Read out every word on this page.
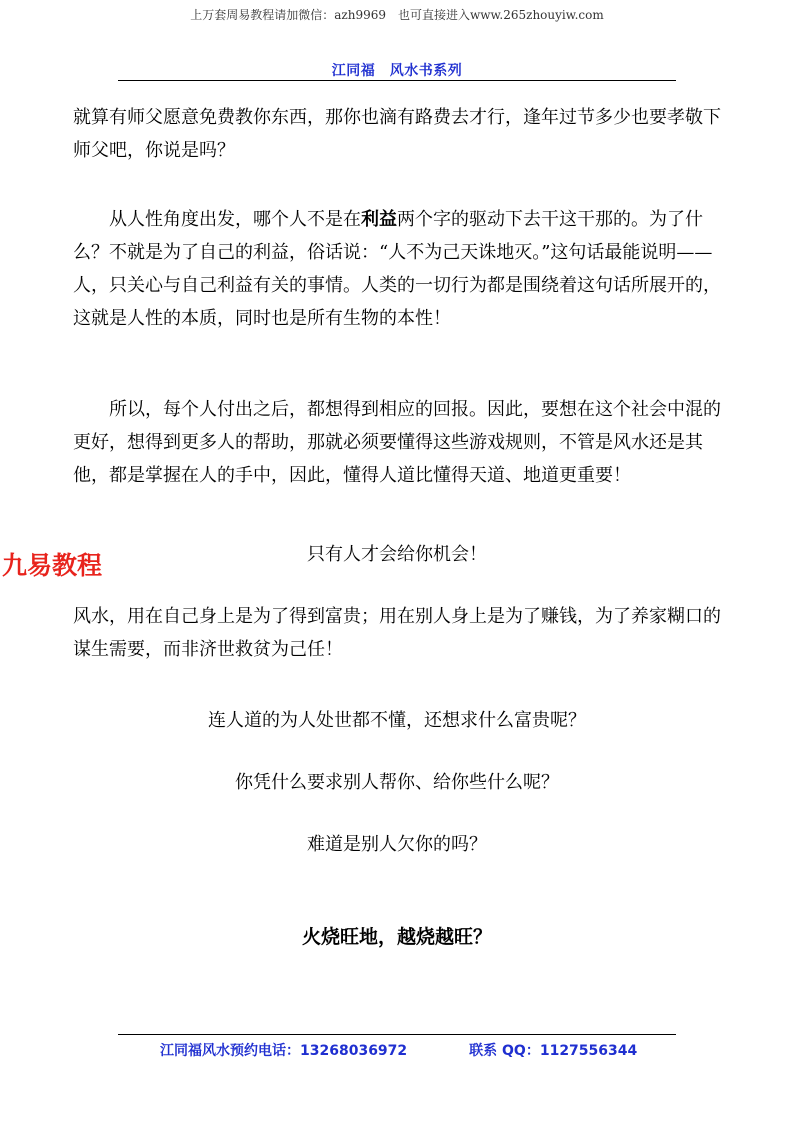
上万套周易教程请加微信：azh9969　也可直接进入www.265zhouyiw.com
江同福　风水书系列
就算有师父愿意免费教你东西，那你也滴有路费去才行，逢年过节多少也要孝敬下师父吧，你说是吗？
从人性角度出发，哪个人不是在利益两个字的驱动下去干这干那的。为了什么？不就是为了自己的利益，俗话说：“人不为己天诛地灭。”这句话最能说明——人，只关心与自己利益有关的事情。人类的一切行为都是围绕着这句话所展开的，这就是人性的本质，同时也是所有生物的本性！
所以，每个人付出之后，都想得到相应的回报。因此，要想在这个社会中混的更好，想得到更多人的帮助，那就必须要懂得这些游戏规则，不管是风水还是其他，都是掌握在人的手中，因此，懂得人道比懂得天道、地道更重要！
九易教程	只有人才会给你机会！
风水，用在自己身上是为了得到富贵；用在别人身上是为了赚钱，为了养家糊口的谋生需要，而非济世救贫为己任！
连人道的为人处世都不懂，还想求什么富贵呢？
你凭什么要求别人帮你、给你些什么呢？
难道是别人欠你的吗？
火烧旺地，越烧越旺？
江同福风水预约电话：13268036972	联系 QQ：1127556344
